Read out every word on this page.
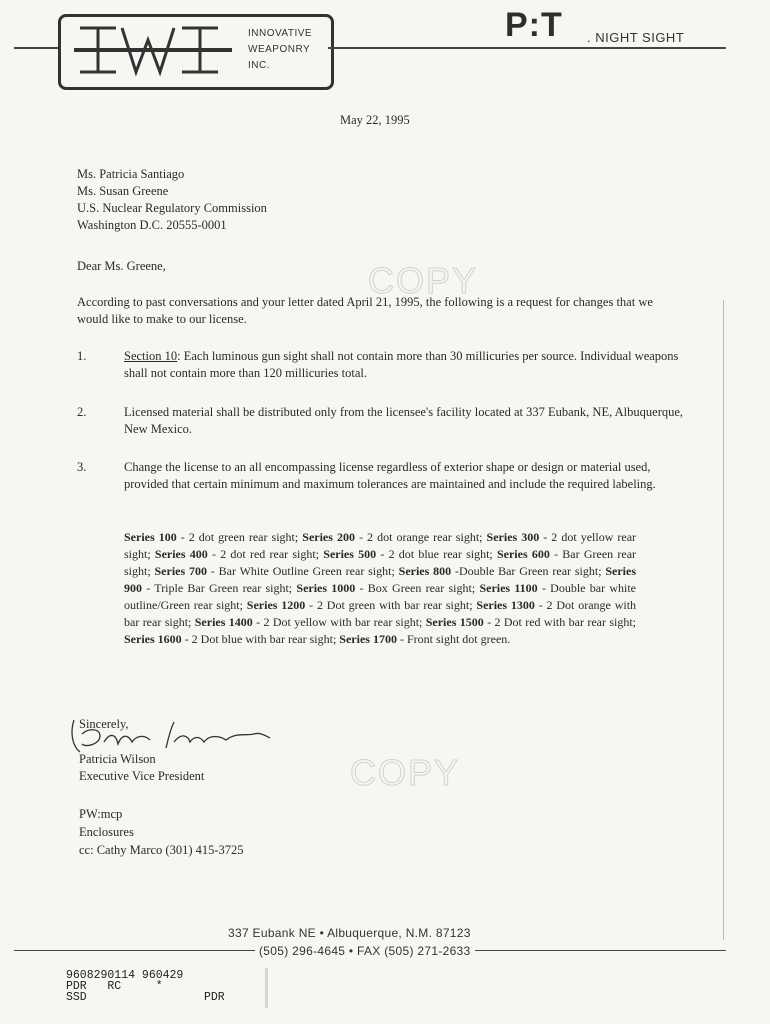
INNOVATIVE
WEAPONRY
INC.
P:T . NIGHT SIGHT
May 22, 1995
Ms. Patricia Santiago
Ms. Susan Greene
U.S. Nuclear Regulatory Commission
Washington D.C. 20555-0001
Dear Ms. Greene,	COPY
COPY
According to past conversations and your letter dated April 21, 1995, the following is a request for changes that we would like to make to our license.
1.	Section 10: Each luminous gun sight shall not contain more than 30 millicuries per source. Individual weapons shall not contain more than 120 millicuries total.
2.	Licensed material shall be distributed only from the licensee's facility located at 337 Eubank, NE, Albuquerque, New Mexico.
3.	Change the license to an all encompassing license regardless of exterior shape or design or material used, provided that certain minimum and maximum tolerances are maintained and include the required labeling.
Series 100 - 2 dot green rear sight; Series 200 - 2 dot orange rear sight; Series 300 - 2 dot yellow rear sight; Series 400 - 2 dot red rear sight; Series 500 - 2 dot blue rear sight; Series 600 - Bar Green rear sight; Series 700 - Bar White Outline Green rear sight; Series 800 -Double Bar Green rear sight; Series 900 - Triple Bar Green rear sight; Series 1000 - Box Green rear sight; Series 1100 - Double bar white outline/Green rear sight; Series 1200 - 2 Dot green with bar rear sight; Series 1300 - 2 Dot orange with bar rear sight; Series 1400 - 2 Dot yellow with bar rear sight; Series 1500 - 2 Dot red with bar rear sight; Series 1600 - 2 Dot blue with bar rear sight; Series 1700 - Front sight dot green.
Sincerely,
Patricia Wilson
Executive Vice President
PW:mcp
Enclosures
cc: Cathy Marco (301) 415-3725
337 Eubank NE • Albuquerque, N.M. 87123
(505) 296-4645 • FAX (505) 271-2633
9608290114 960429
PDR   RC     *
SSD	PDR
